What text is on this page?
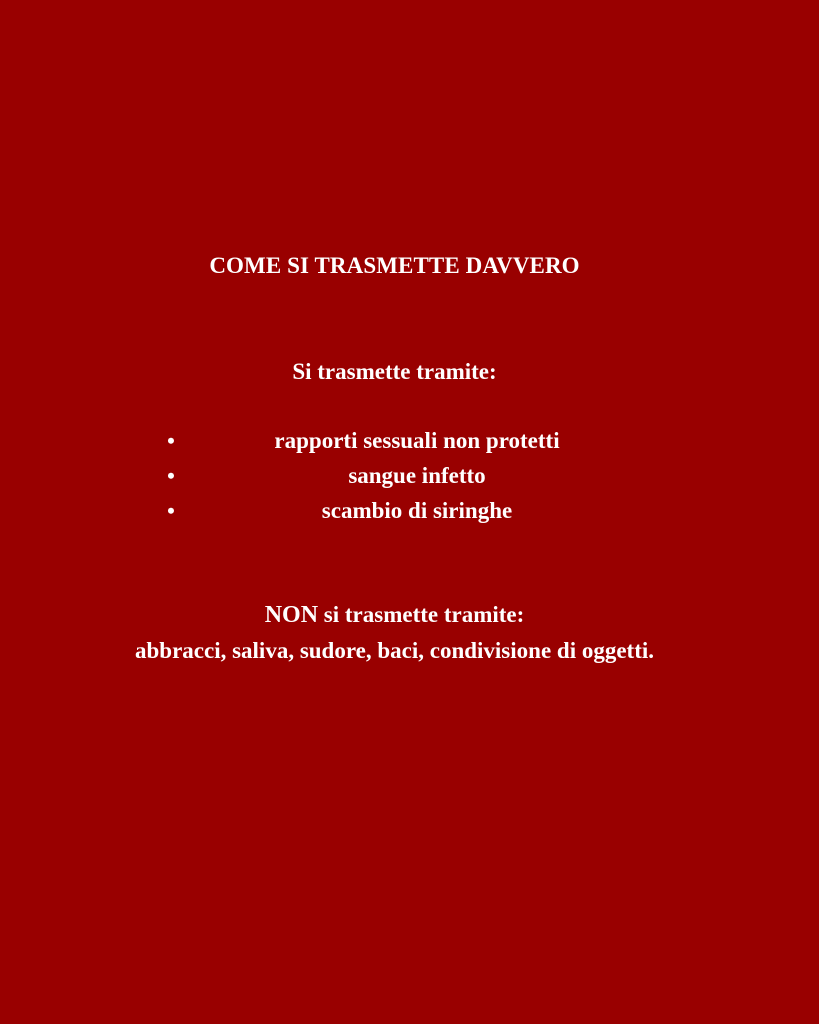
COME SI TRASMETTE DAVVERO

Si trasmette tramite:

•	rapporti sessuali non protetti
•	sangue infetto
•	scambio di siringhe
NON si trasmette tramite:
abbracci, saliva, sudore, baci, condivisione di oggetti.
